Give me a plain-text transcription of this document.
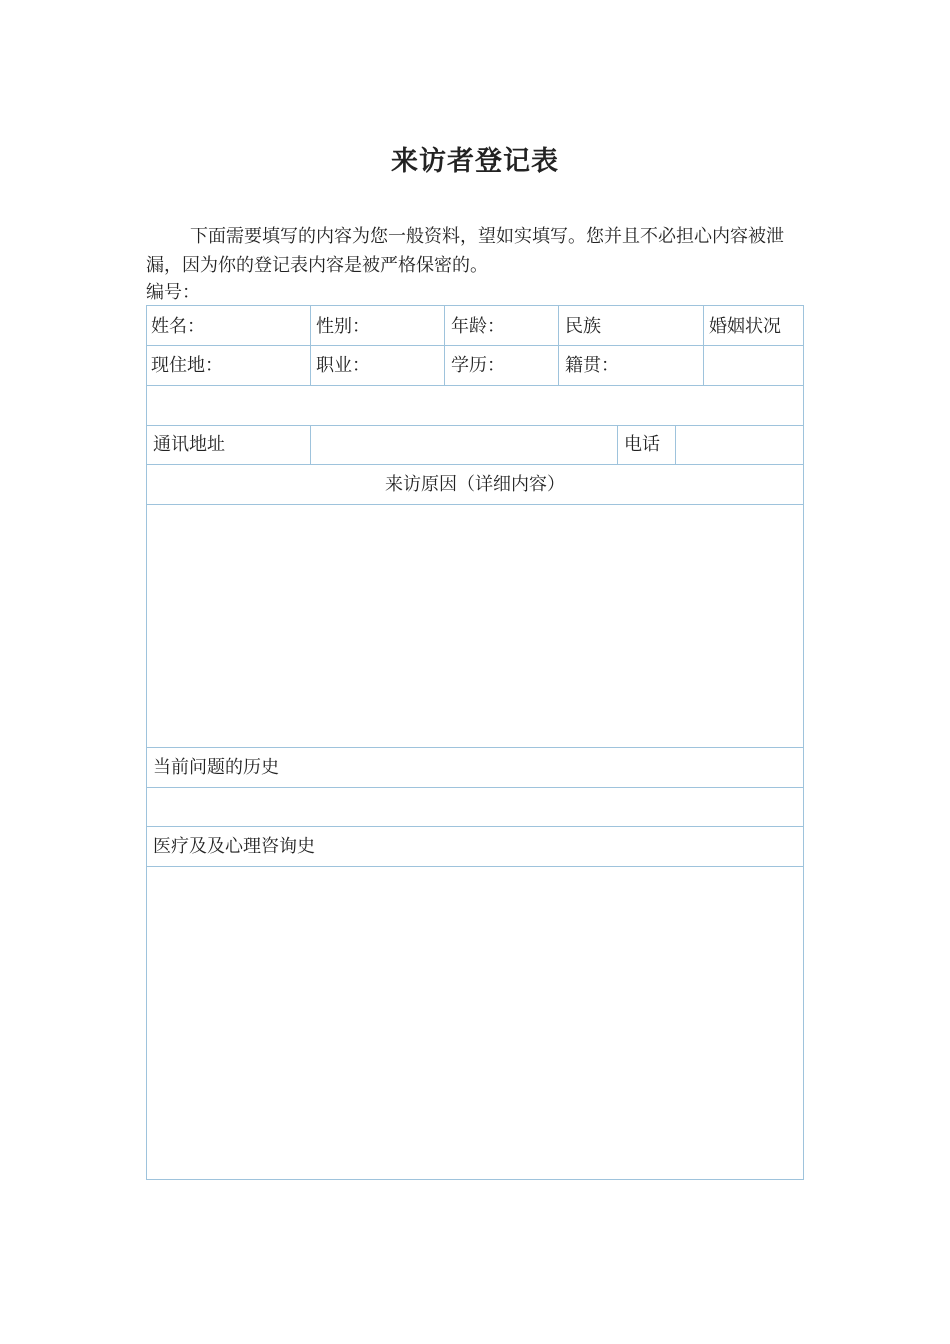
来访者登记表
下面需要填写的内容为您一般资料，望如实填写。您并且不必担心内容被泄漏，因为你的登记表内容是被严格保密的。
编号：
姓名：	性别：	年龄：	民族	婚姻状况
现住地：	职业：	学历：	籍贯：
通讯地址	电话
来访原因（详细内容）
当前问题的历史
医疗及及心理咨询史
